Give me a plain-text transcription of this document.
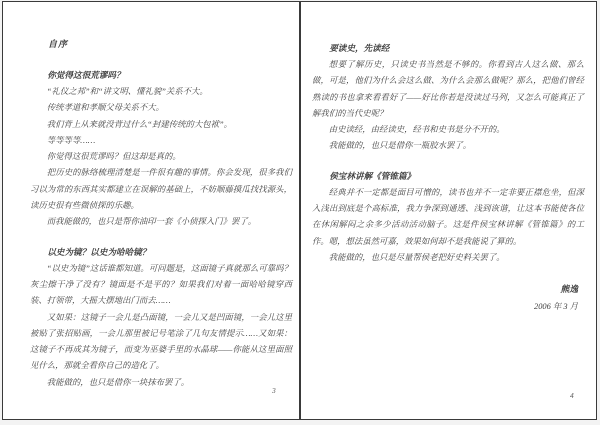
自序
你觉得这很荒谬吗？

“礼仪之邦”和“讲文明、懂礼貌”关系不大。

传统孝道和孝顺父母关系不大。

我们背上从来就没背过什么“封建传统的大包袱”。

等等等等……

你觉得这很荒谬吗？但这却是真的。

把历史的脉络梳理清楚是一件很有趣的事情。你会发现，很多我们习以为常的东西其实都建立在误解的基础上，不妨顺藤摸瓜找找源头，读历史很有些微侦探的乐趣。

而我能做的，也只是帮你油印一套《小侦探入门》罢了。

以史为镜？以史为哈哈镜？

“以史为镜”这话谁都知道。可问题是，这面镜子真就那么可靠吗？灰尘擦干净了没有？镜面是不是平的？如果我们对着一面哈哈镜穿西装、打领带，大摇大摆地出门而去……

又如果：这镜子一会儿是凸面镜，一会儿又是凹面镜，一会儿这里被贴了张招贴画，一会儿那里被记号笔涂了几句友情提示……又如果：这镜子不再成其为镜子，而变为巫婆手里的水晶球——你能从这里面照见什么，那就全看你自己的造化了。

我能做的，也只是借你一块抹布罢了。

要读史，先读经

想要了解历史，只读史书当然是不够的。你看到古人这么做、那么做，可是，他们为什么会这么做、为什么会那么做呢？那么，把他们曾经熟读的书也拿来看看好了——好比你若是没读过马列，又怎么可能真正了解我们的当代史呢？

由史读经，由经读史，经书和史书是分不开的。

我能做的，也只是借你一瓶胶水罢了。

侯宝林讲解《管锥篇》

经典并不一定都是面目可憎的，读书也并不一定非要正襟危坐，但深入浅出到底是个高标准，我力争深到通透、浅到诙谐，让这本书能使各位在休闲解闷之余多少活动活动脑子。这是件侯宝林讲解《管锥篇》的工作。嗯，想法虽然可嘉，效果如何却不是我能说了算的。

我能做的，也只是尽量帮侯老把好史料关罢了。

熊逸
2006 年 3 月
3
4
